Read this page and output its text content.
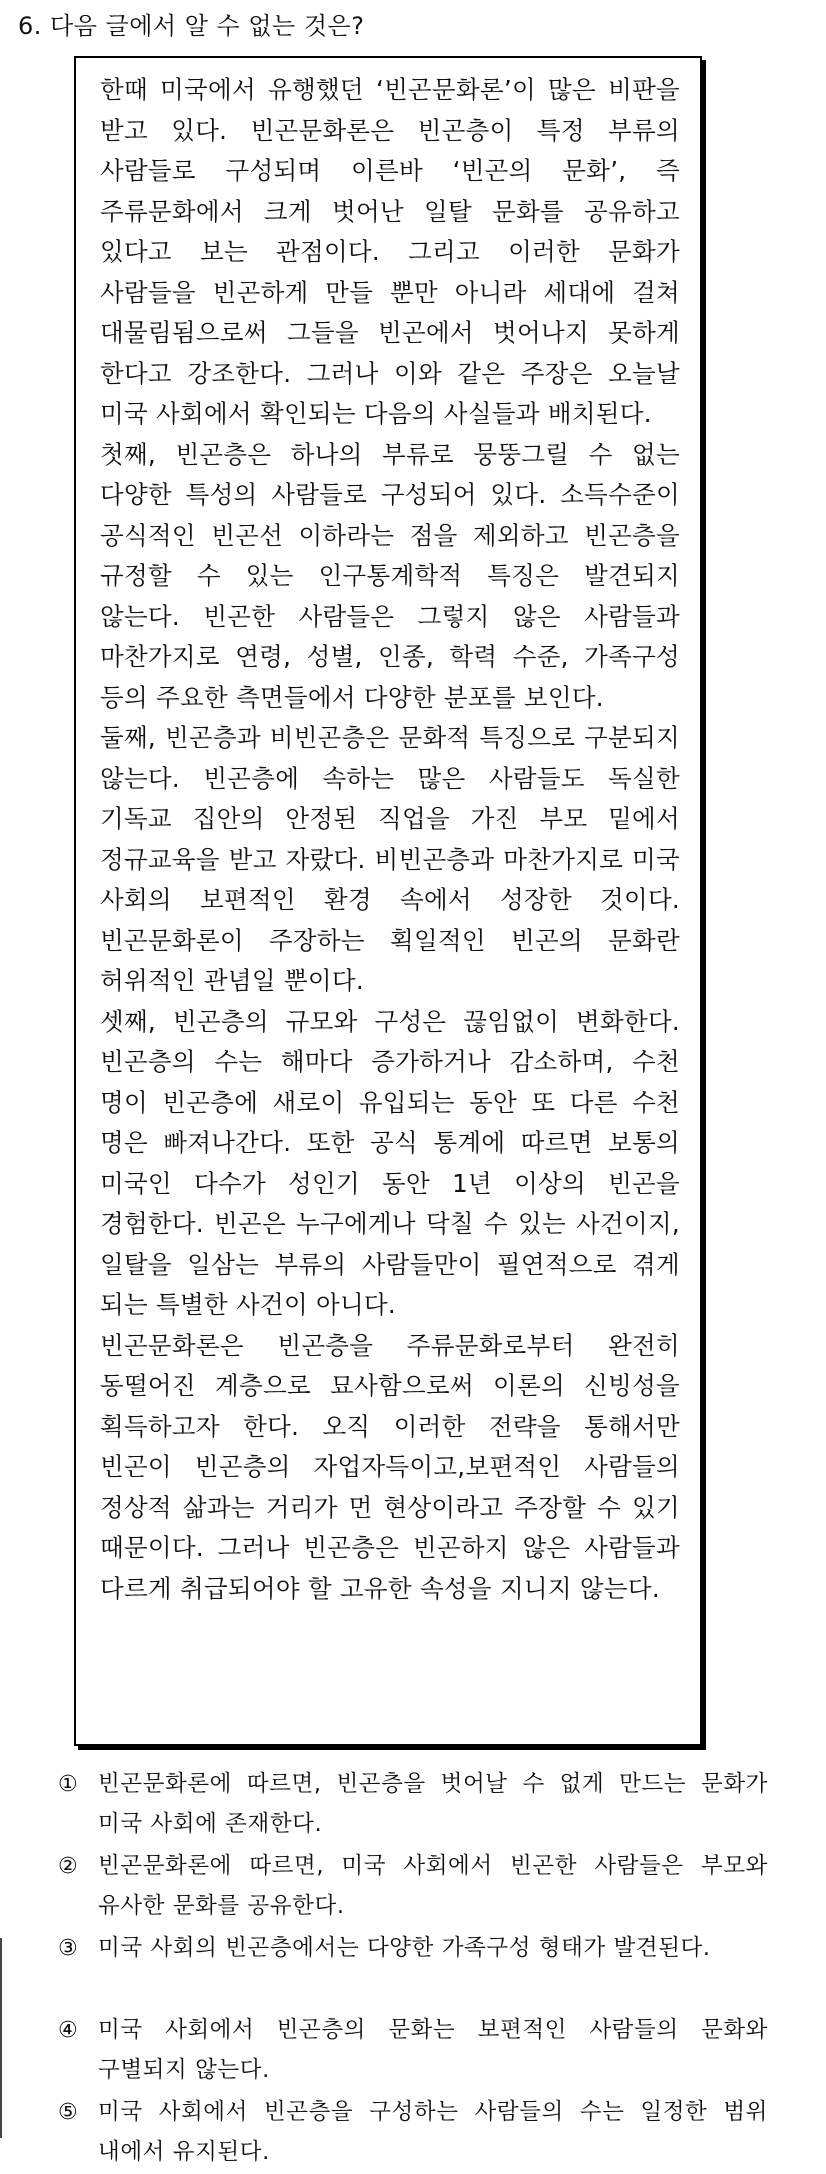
6. 다음 글에서 알 수 없는 것은?

한때 미국에서 유행했던 ‘빈곤문화론’이 많은 비판을 받고 있다. 빈곤문화론은 빈곤층이 특정 부류의 사람들로 구성되며 이른바 ‘빈곤의 문화’, 즉 주류문화에서 크게 벗어난 일탈 문화를 공유하고 있다고 보는 관점이다. 그리고 이러한 문화가 사람들을 빈곤하게 만들 뿐만 아니라 세대에 걸쳐 대물림됨으로써 그들을 빈곤에서 벗어나지 못하게 한다고 강조한다. 그러나 이와 같은 주장은 오늘날 미국 사회에서 확인되는 다음의 사실들과 배치된다.

첫째, 빈곤층은 하나의 부류로 뭉뚱그릴 수 없는 다양한 특성의 사람들로 구성되어 있다. 소득수준이 공식적인 빈곤선 이하라는 점을 제외하고 빈곤층을 규정할 수 있는 인구통계학적 특징은 발견되지 않는다. 빈곤한 사람들은 그렇지 않은 사람들과 마찬가지로 연령, 성별, 인종, 학력 수준, 가족구성 등의 주요한 측면들에서 다양한 분포를 보인다.

둘째, 빈곤층과 비빈곤층은 문화적 특징으로 구분되지 않는다. 빈곤층에 속하는 많은 사람들도 독실한 기독교 집안의 안정된 직업을 가진 부모 밑에서 정규교육을 받고 자랐다. 비빈곤층과 마찬가지로 미국 사회의 보편적인 환경 속에서 성장한 것이다. 빈곤문화론이 주장하는 획일적인 빈곤의 문화란 허위적인 관념일 뿐이다.

셋째, 빈곤층의 규모와 구성은 끊임없이 변화한다. 빈곤층의 수는 해마다 증가하거나 감소하며, 수천 명이 빈곤층에 새로이 유입되는 동안 또 다른 수천 명은 빠져나간다. 또한 공식 통계에 따르면 보통의 미국인 다수가 성인기 동안 1년 이상의 빈곤을 경험한다. 빈곤은 누구에게나 닥칠 수 있는 사건이지, 일탈을 일삼는 부류의 사람들만이 필연적으로 겪게 되는 특별한 사건이 아니다.

빈곤문화론은 빈곤층을 주류문화로부터 완전히 동떨어진 계층으로 묘사함으로써 이론의 신빙성을 획득하고자 한다. 오직 이러한 전략을 통해서만 빈곤이 빈곤층의 자업자득이고,보편적인 사람들의 정상적 삶과는 거리가 먼 현상이라고 주장할 수 있기 때문이다. 그러나 빈곤층은 빈곤하지 않은 사람들과 다르게 취급되어야 할 고유한 속성을 지니지 않는다.

① 빈곤문화론에 따르면, 빈곤층을 벗어날 수 없게 만드는 문화가 미국 사회에 존재한다.
② 빈곤문화론에 따르면, 미국 사회에서 빈곤한 사람들은 부모와 유사한 문화를 공유한다.
③ 미국 사회의 빈곤층에서는 다양한 가족구성 형태가 발견된다.
④ 미국 사회에서 빈곤층의 문화는 보편적인 사람들의 문화와 구별되지 않는다.
⑤ 미국 사회에서 빈곤층을 구성하는 사람들의 수는 일정한 범위 내에서 유지된다.
